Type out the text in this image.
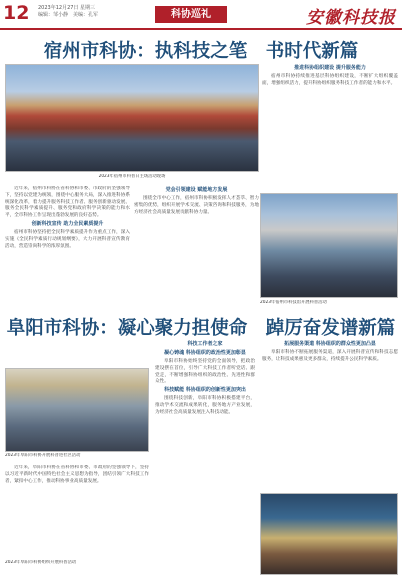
12 2023年12月27日 星期三
编辑：邹小静　美编：孔军	科协巡礼	安徽科技报
宿州市科协：执科技之笔　书时代新篇
2023年宿州市科普日主场活动现场

近年来，宿州市科协在省科协和市委、市政府的坚强领导下，坚持以党建为统领，围绕中心服务大局，深入推进科协系统深化改革，着力提升服务科技工作者、服务创新驱动发展、服务全民科学素质提升、服务党和政府科学决策的能力和水平，全市科协工作呈现出蓬勃发展的良好态势。

创新科技宣传 助力全民素质提升

宿州市科协坚持把全民科学素质提升作为重点工作，深入实施《全民科学素质行动规划纲要》，大力开展科普宣传教育活动，营造崇尚科学的浓厚氛围。

党会引领建设 赋能地方发展

围绕全市中心工作，宿州市科协积极发挥人才荟萃、智力密集的优势，组织开展学术交流、决策咨询和科技服务，为地方经济社会高质量发展贡献科协力量。

推进科协组织建设 提升服务能力

宿州市科协持续推进基层科协组织建设，不断扩大组织覆盖面，增强组织活力，提升科协组织服务科技工作者的能力和水平。

2023年宿州市科技馆开展科普活动
阜阳市科协：凝心聚力担使命　踔厉奋发谱新篇
2023年阜阳市科协开展科普进社区活动

近年来，阜阳市科协在省科协和市委、市政府的坚强领导下，坚持以习近平新时代中国特色社会主义思想为指导，团结引领广大科技工作者，紧扣中心工作，推动科协事业高质量发展。

科技工作者之家
凝心铸魂 科协组织的政治性更加彰显

阜阳市科协始终坚持党的全面领导，把政治建设摆在首位，引导广大科技工作者听党话、跟党走，不断增强科协组织的政治性、先进性和群众性。

科技赋能 科协组织的创新性更加突出

围绕科技创新，阜阳市科协积极搭建平台，推动学术交流和成果转化，服务地方产业发展，为经济社会高质量发展注入科技动能。

拓展服务渠道 科协组织的群众性更加凸显

阜阳市科协不断拓展服务渠道，深入开展科普宣传和科技志愿服务，让科技成果惠及更多群众，持续提升公民科学素质。

2023年阜阳市科协组织开展科普活动
